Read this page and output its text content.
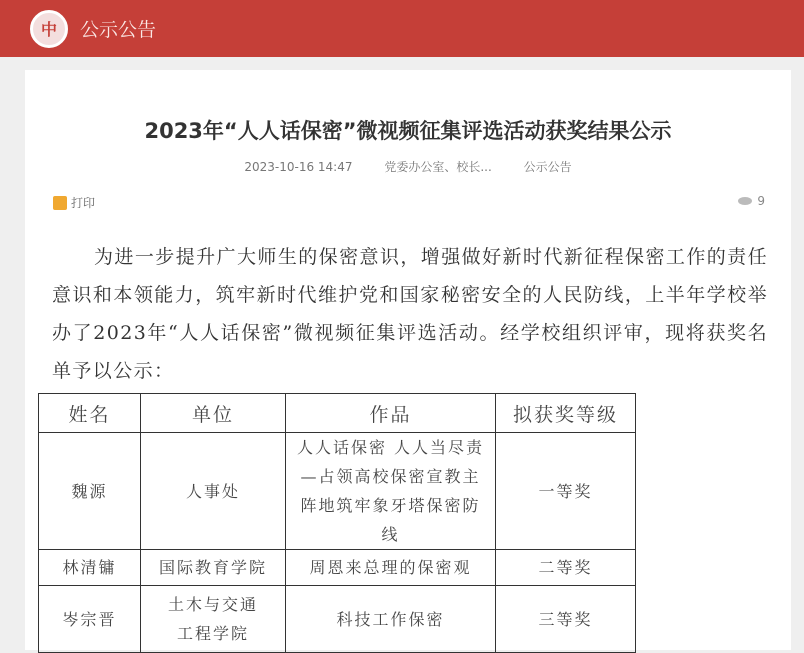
中	公示公告
2023年“人人话保密”微视频征集评选活动获奖结果公示
2023-10-16 14:47	党委办公室、校长...	公示公告
打印	9
为进一步提升广大师生的保密意识，增强做好新时代新征程保密工作的责任意识和本领能力，筑牢新时代维护党和国家秘密安全的人民防线，上半年学校举办了2023年“人人话保密”微视频征集评选活动。经学校组织评审，现将获奖名单予以公示：
姓名	单位	作品	拟获奖等级
魏源	人事处	人人话保密 人人当尽责—占领高校保密宣教主阵地筑牢象牙塔保密防线	一等奖
林清镛	国际教育学院	周恩来总理的保密观	二等奖
岑宗晋	土木与交通工程学院	科技工作保密	三等奖
